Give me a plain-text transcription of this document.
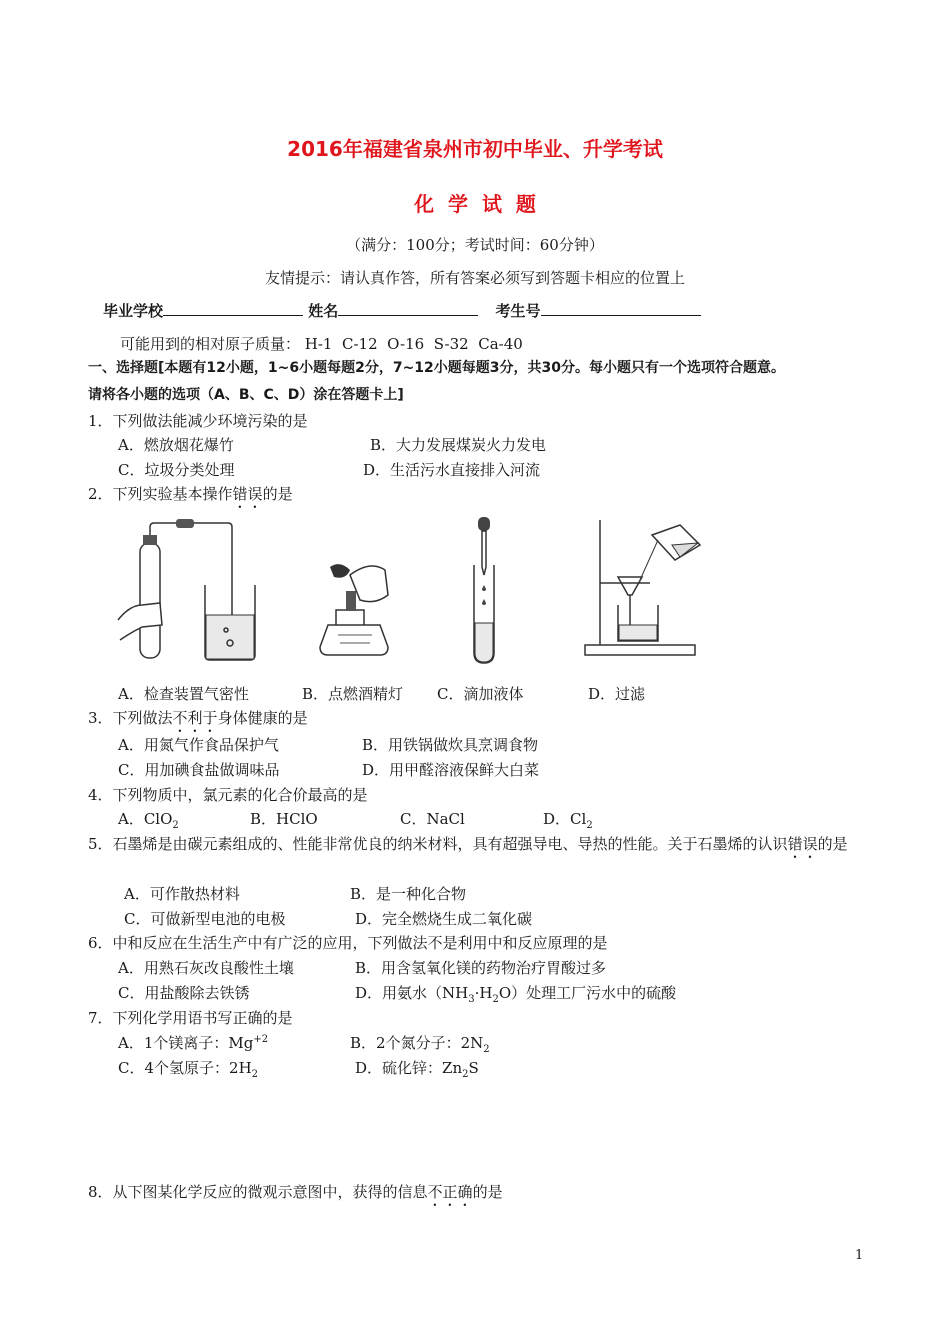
2016年福建省泉州市初中毕业、升学考试
化  学  试  题
（满分：100分；考试时间：60分钟）
友情提示：请认真作答，所有答案必须写到答题卡相应的位置上
毕业学校	姓名	考生号
可能用到的相对原子质量： H-1  C-12  O-16  S-32  Ca-40
一、选择题[本题有12小题，1~6小题每题2分，7~12小题每题3分，共30分。每小题只有一个选项符合题意。
请将各小题的选项（A、B、C、D）涂在答题卡上]
1．下列做法能减少环境污染的是
A．燃放烟花爆竹	B．大力发展煤炭火力发电
C．垃圾分类处理	D．生活污水直接排入河流
2．下列实验基本操作错误的是
A．检查装置气密性	B．点燃酒精灯 C．滴加液体	D．过滤
3．下列做法不利于身体健康的是
A．用氮气作食品保护气	B．用铁锅做炊具烹调食物
C．用加碘食盐做调味品	D．用甲醛溶液保鲜大白菜
4．下列物质中，氯元素的化合价最高的是
A．ClO$_2$	B．HClO	C．NaCl	D．$Cl_2$
5．石墨烯是由碳元素组成的、性能非常优良的纳米材料，具有超强导电、导热的性能。关于石墨烯的认识错误的是
A．可作散热材料	B．是一种化合物
C．可做新型电池的电极	D．完全燃烧生成二氧化碳
6．中和反应在生活生产中有广泛的应用，下列做法不是利用中和反应原理的是
A．用熟石灰改良酸性土壤	B．用含氢氧化镁的药物治疗胃酸过多
C．用盐酸除去铁锈	D．用氨水$(NH_3\cdot H_2O)$处理工厂污水中的硫酸
7．下列化学用语书写正确的是
A．1个镁离子：$Mg^{+2}$	B．2个氮分子：$2N_2$
C．4个氢原子：$2H_2$	D．硫化锌：$Zn_2S$
8．从下图某化学反应的微观示意图中，获得的信息不正确的是
1
